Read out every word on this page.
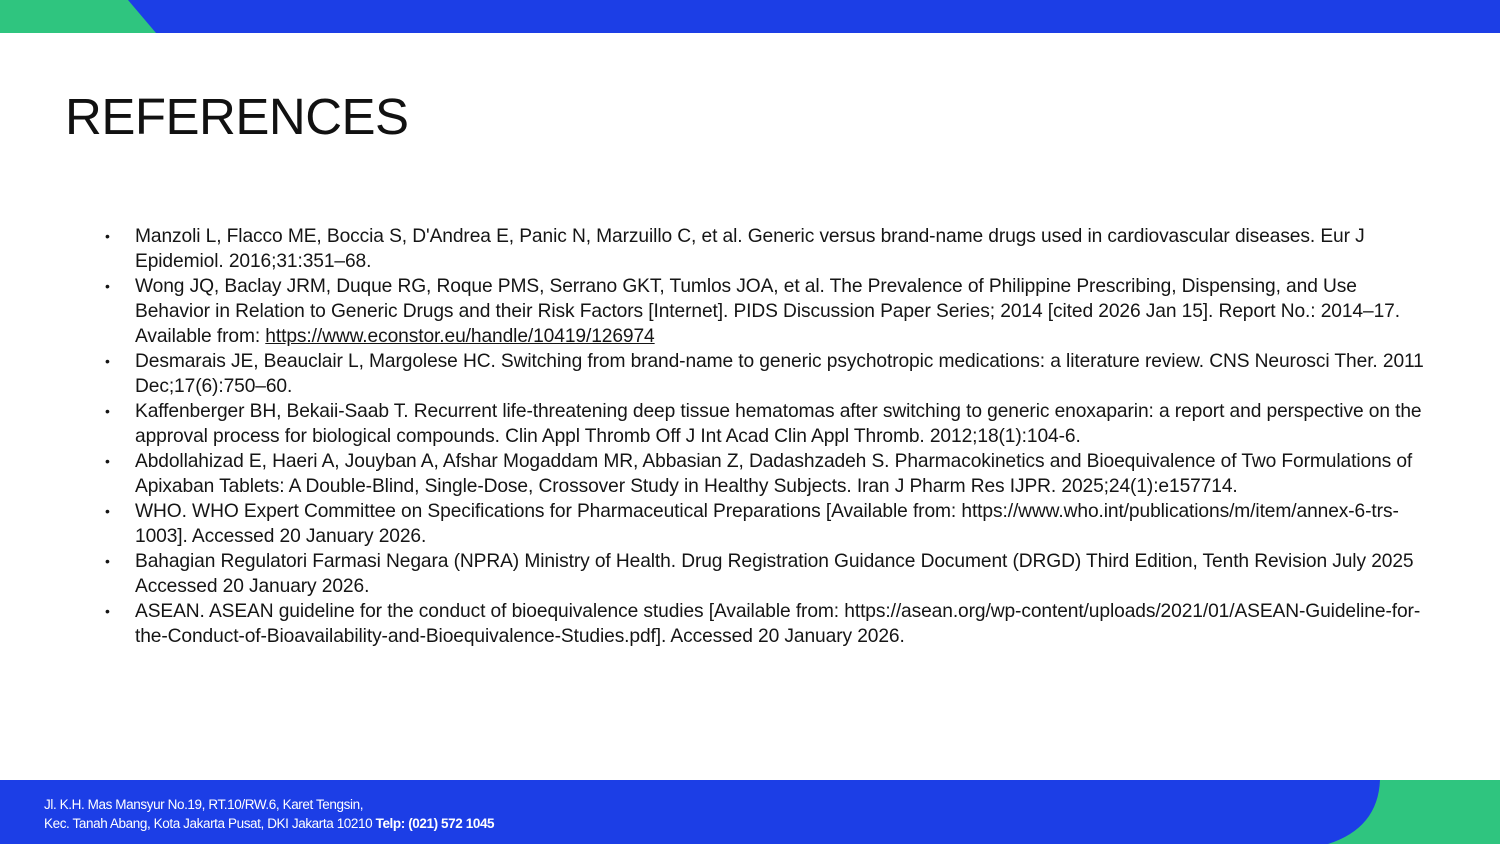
REFERENCES
• Manzoli L, Flacco ME, Boccia S, D'Andrea E, Panic N, Marzuillo C, et al. Generic versus brand-name drugs used in cardiovascular diseases. Eur J Epidemiol. 2016;31:351–68.
• Wong JQ, Baclay JRM, Duque RG, Roque PMS, Serrano GKT, Tumlos JOA, et al. The Prevalence of Philippine Prescribing, Dispensing, and Use Behavior in Relation to Generic Drugs and their Risk Factors [Internet]. PIDS Discussion Paper Series; 2014 [cited 2026 Jan 15]. Report No.: 2014–17. Available from: https://www.econstor.eu/handle/10419/126974
• Desmarais JE, Beauclair L, Margolese HC. Switching from brand-name to generic psychotropic medications: a literature review. CNS Neurosci Ther. 2011 Dec;17(6):750–60.
• Kaffenberger BH, Bekaii-Saab T. Recurrent life-threatening deep tissue hematomas after switching to generic enoxaparin: a report and perspective on the approval process for biological compounds. Clin Appl Thromb Off J Int Acad Clin Appl Thromb. 2012;18(1):104-6.
• Abdollahizad E, Haeri A, Jouyban A, Afshar Mogaddam MR, Abbasian Z, Dadashzadeh S. Pharmacokinetics and Bioequivalence of Two Formulations of Apixaban Tablets: A Double-Blind, Single-Dose, Crossover Study in Healthy Subjects. Iran J Pharm Res IJPR. 2025;24(1):e157714.
• WHO. WHO Expert Committee on Specifications for Pharmaceutical Preparations [Available from: https://www.who.int/publications/m/item/annex-6-trs-1003]. Accessed 20 January 2026.
• Bahagian Regulatori Farmasi Negara (NPRA) Ministry of Health. Drug Registration Guidance Document (DRGD) Third Edition, Tenth Revision July 2025 Accessed 20 January 2026.
• ASEAN. ASEAN guideline for the conduct of bioequivalence studies [Available from: https://asean.org/wp-content/uploads/2021/01/ASEAN-Guideline-for-the-Conduct-of-Bioavailability-and-Bioequivalence-Studies.pdf]. Accessed 20 January 2026.
Jl. K.H. Mas Mansyur No.19, RT.10/RW.6, Karet Tengsin,
Kec. Tanah Abang, Kota Jakarta Pusat, DKI Jakarta 10210 Telp: (021) 572 1045
